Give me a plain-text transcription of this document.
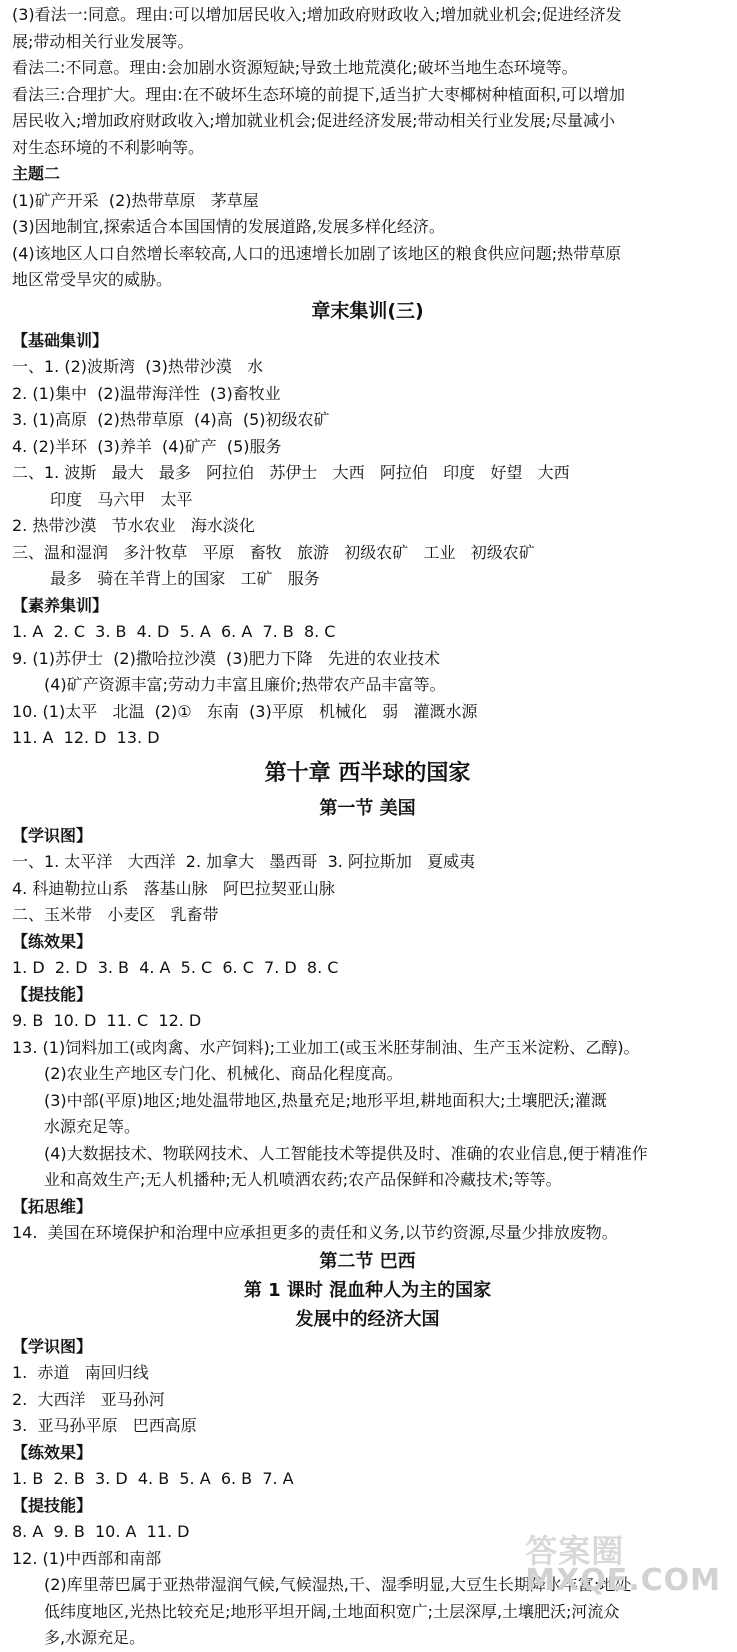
(3)看法一:同意。理由:可以增加居民收入;增加政府财政收入;增加就业机会;促进经济发
展;带动相关行业发展等。
看法二:不同意。理由:会加剧水资源短缺;导致土地荒漠化;破坏当地生态环境等。
看法三:合理扩大。理由:在不破坏生态环境的前提下,适当扩大枣椰树种植面积,可以增加
居民收入;增加政府财政收入;增加就业机会;促进经济发展;带动相关行业发展;尽量减小
对生态环境的不利影响等。
主题二
(1)矿产开采  (2)热带草原   茅草屋
(3)因地制宜,探索适合本国国情的发展道路,发展多样化经济。
(4)该地区人口自然增长率较高,人口的迅速增长加剧了该地区的粮食供应问题;热带草原
地区常受旱灾的威胁。
章末集训(三)
【基础集训】
一、1. (2)波斯湾  (3)热带沙漠   水
2. (1)集中  (2)温带海洋性  (3)畜牧业
3. (1)高原  (2)热带草原  (4)高  (5)初级农矿
4. (2)半环  (3)养羊  (4)矿产  (5)服务
二、1. 波斯   最大   最多   阿拉伯   苏伊士   大西   阿拉伯   印度   好望   大西
印度   马六甲   太平
2. 热带沙漠   节水农业   海水淡化
三、温和湿润   多汁牧草   平原   畜牧   旅游   初级农矿   工业   初级农矿
最多   骑在羊背上的国家   工矿   服务
【素养集训】
1. A  2. C  3. B  4. D  5. A  6. A  7. B  8. C
9. (1)苏伊士  (2)撒哈拉沙漠  (3)肥力下降   先进的农业技术
(4)矿产资源丰富;劳动力丰富且廉价;热带农产品丰富等。
10. (1)太平   北温  (2)①   东南  (3)平原   机械化   弱   灌溉水源
11. A  12. D  13. D
第十章 西半球的国家
第一节 美国
【学识图】
一、1. 太平洋   大西洋  2. 加拿大   墨西哥  3. 阿拉斯加   夏威夷
4. 科迪勒拉山系   落基山脉   阿巴拉契亚山脉
二、玉米带   小麦区   乳畜带
【练效果】
1. D  2. D  3. B  4. A  5. C  6. C  7. D  8. C
【提技能】
9. B  10. D  11. C  12. D
13. (1)饲料加工(或肉禽、水产饲料);工业加工(或玉米胚芽制油、生产玉米淀粉、乙醇)。
(2)农业生产地区专门化、机械化、商品化程度高。
(3)中部(平原)地区;地处温带地区,热量充足;地形平坦,耕地面积大;土壤肥沃;灌溉
水源充足等。
(4)大数据技术、物联网技术、人工智能技术等提供及时、准确的农业信息,便于精准作
业和高效生产;无人机播种;无人机喷洒农药;农产品保鲜和冷藏技术;等等。
【拓思维】
14.  美国在环境保护和治理中应承担更多的责任和义务,以节约资源,尽量少排放废物。
第二节 巴西
第 1 课时 混血种人为主的国家
发展中的经济大国
【学识图】
1.  赤道   南回归线
2.  大西洋   亚马孙河
3.  亚马孙平原   巴西高原
【练效果】
1. B  2. B  3. D  4. B  5. A  6. B  7. A
【提技能】
8. A  9. B  10. A  11. D
12. (1)中西部和南部
(2)库里蒂巴属于亚热带湿润气候,气候湿热,干、湿季明显,大豆生长期降水丰富;地处
低纬度地区,光热比较充足;地形平坦开阔,土地面积宽广;土层深厚,土壤肥沃;河流众
多,水源充足。
答案圈
MXQE.COM
